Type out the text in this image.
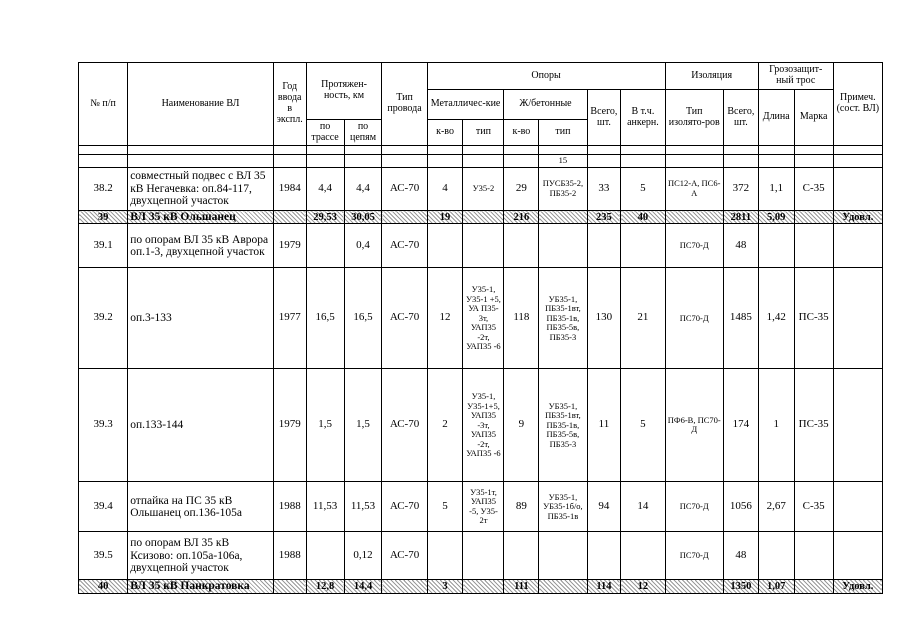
№ п/п	Наименование ВЛ	Год ввода в экспл.	Протяжен-ность, км		Тип провода	Опоры						Изоляция		Грозозащит-ный трос		Примеч. (сост. ВЛ)
						Металличес-кие		Ж/бетонные		Всего, шт.	В т.ч. анкерн.	Тип изолято-ров	Всего, шт.	Длина	Марка	
			по трассе	по цепям		к-во	тип	к-во	тип							

									15							
38.2	совместный подвес с ВЛ 35 кВ Негачевка: оп.84-117, двухцепной участок	1984	4,4	4,4	АС-70	4	У35-2	29	ПУСБ35-2, ПБ35-2	33	5	ПС12-А, ПС6-А	372	1,1	С-35	
39	ВЛ 35 кВ Ольшанец		29,53	30,05		19		216		235	40		2811	5,09		Удовл.
39.1	по опорам ВЛ 35 кВ Аврора оп.1-3, двухцепной участок	1979		0,4	АС-70							ПС70-Д	48			
39.2	оп.3-133	1977	16,5	16,5	АС-70	12	У35-1, У35-1 +5, УА П35-3т, УАП35 -2т, УАП35 -6	118	УБ35-1, ПБ35-1вт, ПБ35-1в, ПБ35-5в, ПБ35-3	130	21	ПС70-Д	1485	1,42	ПС-35	
39.3	оп.133-144	1979	1,5	1,5	АС-70	2	У35-1, У35-1+5, УАП35 -3т, УАП35 -2т, УАП35 -6	9	УБ35-1, ПБ35-1вт, ПБ35-1в, ПБ35-5в, ПБ35-3	11	5	ПФ6-В, ПС70-Д	174	1	ПС-35	
39.4	отпайка на ПС 35 кВ Ольшанец оп.136-105а	1988	11,53	11,53	АС-70	5	У35-1т, УАП35 -5, У35-2т	89	УБ35-1, УБ35-1б/о, ПБ35-1в	94	14	ПС70-Д	1056	2,67	С-35	
39.5	по опорам ВЛ 35 кВ Ксизово: оп.105а-106а, двухцепной участок	1988		0,12	АС-70							ПС70-Д	48			
40	ВЛ 35 кВ Панкратовка		12,8	14,4		3		111		114	12		1350	1,07		Удовл.
